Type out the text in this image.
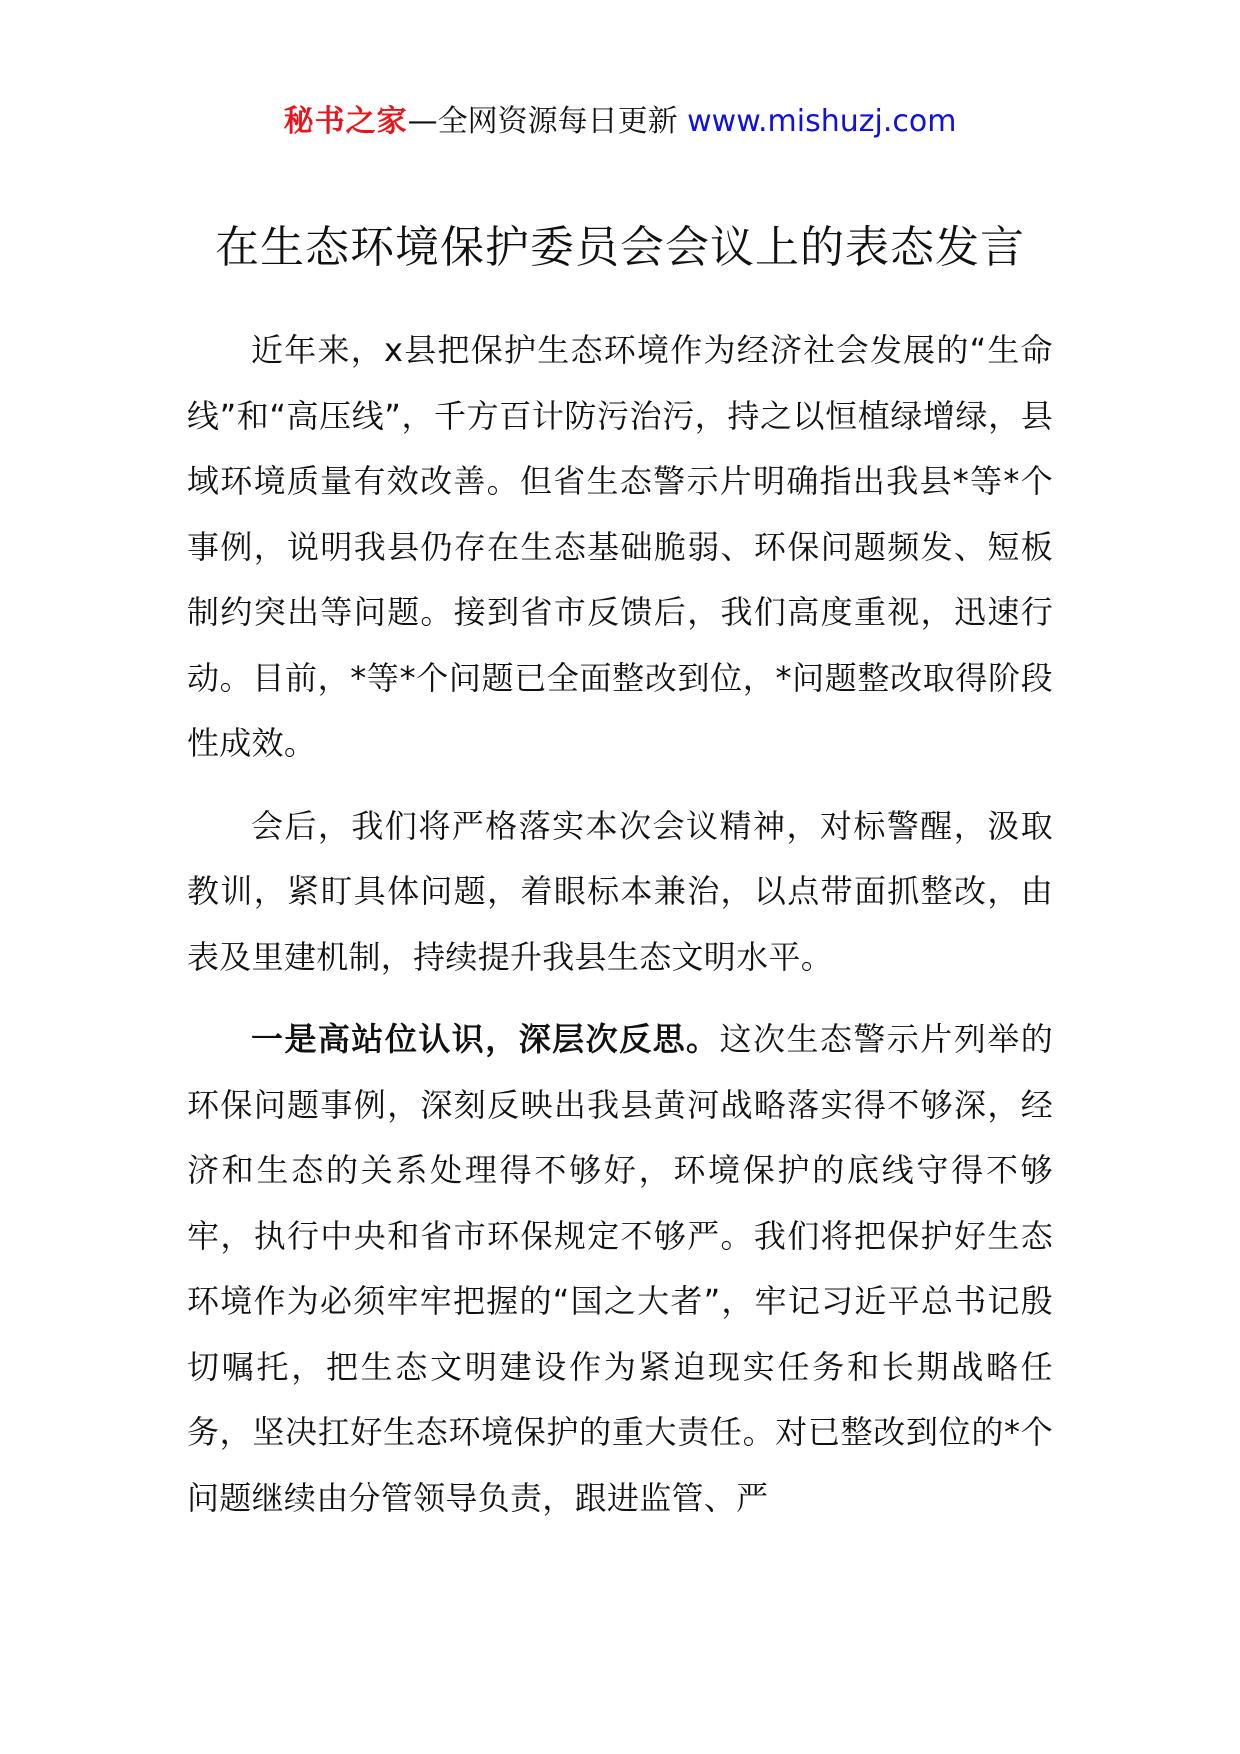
秘书之家—全网资源每日更新 www.mishuzj.com
在生态环境保护委员会会议上的表态发言

近年来，x县把保护生态环境作为经济社会发展的“生命线”和“高压线”，千方百计防污治污，持之以恒植绿增绿，县域环境质量有效改善。但省生态警示片明确指出我县*等*个事例，说明我县仍存在生态基础脆弱、环保问题频发、短板制约突出等问题。接到省市反馈后，我们高度重视，迅速行动。目前，*等*个问题已全面整改到位，*问题整改取得阶段性成效。

会后，我们将严格落实本次会议精神，对标警醒，汲取教训，紧盯具体问题，着眼标本兼治，以点带面抓整改，由表及里建机制，持续提升我县生态文明水平。

一是高站位认识，深层次反思。这次生态警示片列举的环保问题事例，深刻反映出我县黄河战略落实得不够深，经济和生态的关系处理得不够好，环境保护的底线守得不够牢，执行中央和省市环保规定不够严。我们将把保护好生态环境作为必须牢牢把握的“国之大者”，牢记习近平总书记殷切嘱托，把生态文明建设作为紧迫现实任务和长期战略任务，坚决扛好生态环境保护的重大责任。对已整改到位的*个问题继续由分管领导负责，跟进监管、严
